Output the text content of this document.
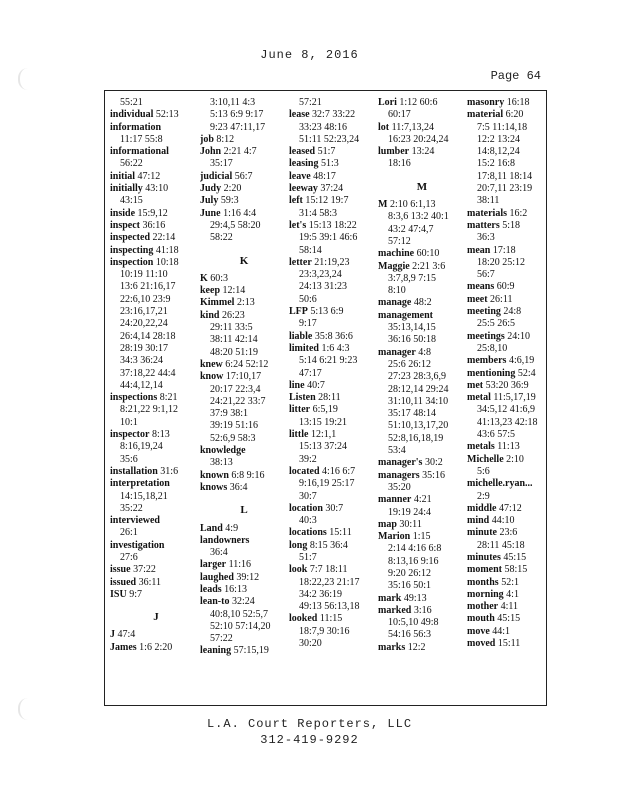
June 8, 2016
Page 64
55:21
individual 52:13
information
11:17 55:8
informational
56:22
initial 47:12
initially 43:10
43:15
inside 15:9,12
inspect 36:16
inspected 22:14
inspecting 41:18
inspection 10:18
10:19 11:10
13:6 21:16,17
22:6,10 23:9
23:16,17,21
24:20,22,24
26:4,14 28:18
28:19 30:17
34:3 36:24
37:18,22 44:4
44:4,12,14
inspections 8:21
8:21,22 9:1,12
10:1
inspector 8:13
8:16,19,24
35:6
installation 31:6
interpretation
14:15,18,21
35:22
interviewed
26:1
investigation
27:6
issue 37:22
issued 36:11
ISU 9:7
J
J 47:4
James 1:6 2:20
3:10,11 4:3
5:13 6:9 9:17
9:23 47:11,17
job 8:12
John 2:21 4:7
35:17
judicial 56:7
Judy 2:20
July 59:3
June 1:16 4:4
29:4,5 58:20
58:22
K
K 60:3
keep 12:14
Kimmel 2:13
kind 26:23
29:11 33:5
38:11 42:14
48:20 51:19
knew 6:24 52:12
know 17:10,17
20:17 22:3,4
24:21,22 33:7
37:9 38:1
39:19 51:16
52:6,9 58:3
knowledge
38:13
known 6:8 9:16
knows 36:4
L
Land 4:9
landowners
36:4
larger 11:16
laughed 39:12
leads 16:13
lean-to 32:24
40:8,10 52:5,7
52:10 57:14,20
57:22
leaning 57:15,19
57:21
lease 32:7 33:22
33:23 48:16
51:11 52:23,24
leased 51:7
leasing 51:3
leave 48:17
leeway 37:24
left 15:12 19:7
31:4 58:3
let's 15:13 18:22
19:5 39:1 46:6
58:14
letter 21:19,23
23:3,23,24
24:13 31:23
50:6
LFP 5:13 6:9
9:17
liable 35:8 36:6
limited 1:6 4:3
5:14 6:21 9:23
47:17
line 40:7
Listen 28:11
litter 6:5,19
13:15 19:21
little 12:1,1
15:13 37:24
39:2
located 4:16 6:7
9:16,19 25:17
30:7
location 30:7
40:3
locations 15:11
long 8:15 36:4
51:7
look 7:7 18:11
18:22,23 21:17
34:2 36:19
49:13 56:13,18
looked 11:15
18:7,9 30:16
30:20
Lori 1:12 60:6
60:17
lot 11:7,13,24
16:23 20:24,24
lumber 13:24
18:16
M
M 2:10 6:1,13
8:3,6 13:2 40:1
43:2 47:4,7
57:12
machine 60:10
Maggie 2:21 3:6
3:7,8,9 7:15
8:10
manage 48:2
management
35:13,14,15
36:16 50:18
manager 4:8
25:6 26:12
27:23 28:3,6,9
28:12,14 29:24
31:10,11 34:10
35:17 48:14
51:10,13,17,20
52:8,16,18,19
53:4
manager's 30:2
managers 35:16
35:20
manner 4:21
19:19 24:4
map 30:11
Marion 1:15
2:14 4:16 6:8
8:13,16 9:16
9:20 26:12
35:16 50:1
mark 49:13
marked 3:16
10:5,10 49:8
54:16 56:3
marks 12:2
masonry 16:18
material 6:20
7:5 11:14,18
12:2 13:24
14:8,12,24
15:2 16:8
17:8,11 18:14
20:7,11 23:19
38:11
materials 16:2
matters 5:18
36:3
mean 17:18
18:20 25:12
56:7
means 60:9
meet 26:11
meeting 24:8
25:5 26:5
meetings 24:10
25:8,10
members 4:6,19
mentioning 52:4
met 53:20 36:9
metal 11:5,17,19
34:5,12 41:6,9
41:13,23 42:18
43:6 57:5
metals 11:13
Michelle 2:10
5:6
michelle.ryan...
2:9
middle 47:12
mind 44:10
minute 23:6
28:11 45:18
minutes 45:15
moment 58:15
months 52:1
morning 4:1
mother 4:11
mouth 45:15
move 44:1
moved 15:11
L.A. Court Reporters, LLC
312-419-9292
